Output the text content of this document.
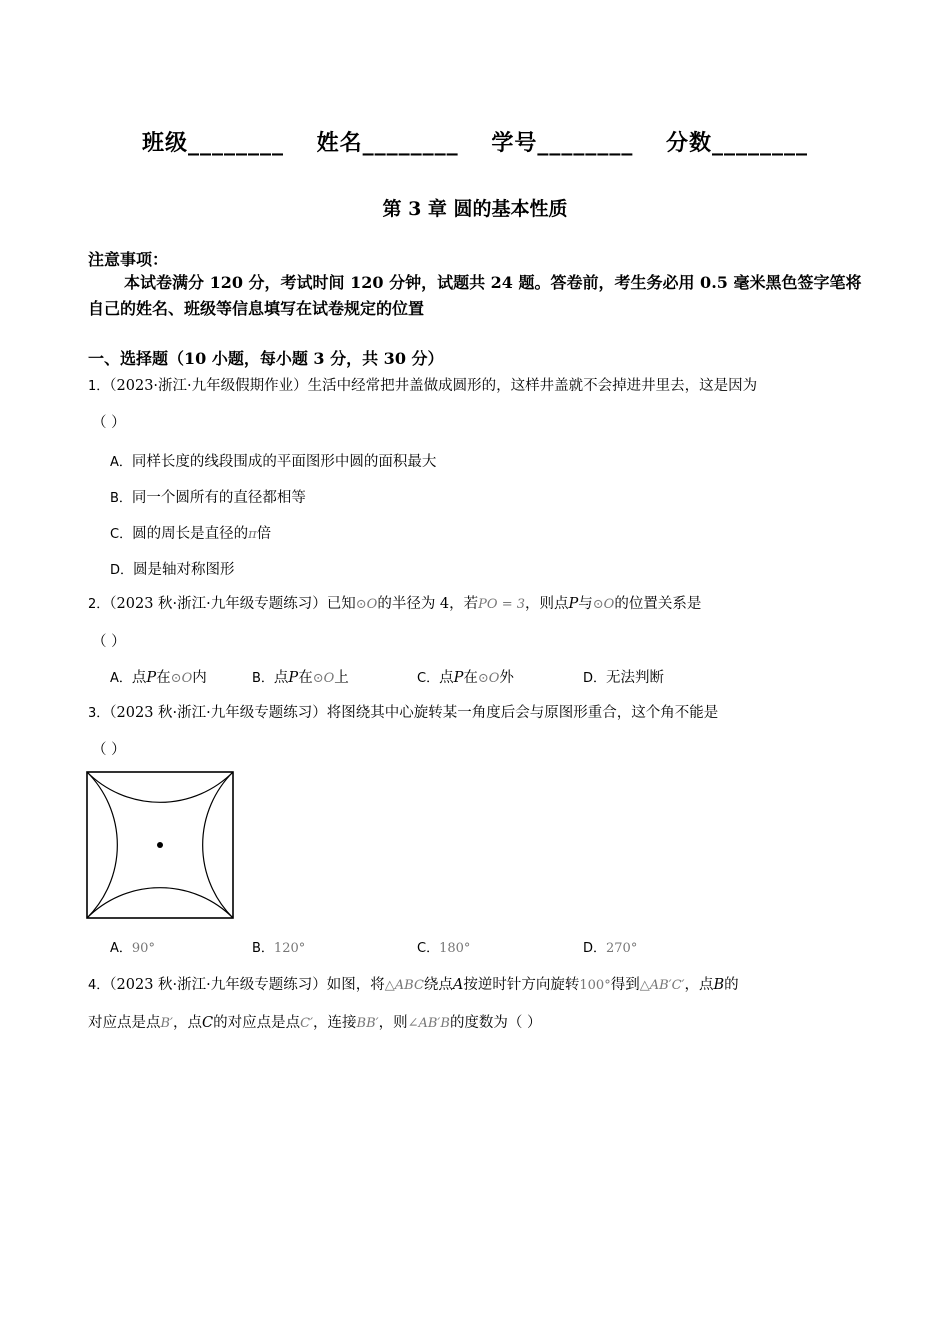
班级________ 姓名________ 学号________ 分数________
第 3 章 圆的基本性质
注意事项：
本试卷满分 120 分，考试时间 120 分钟，试题共 24 题。答卷前，考生务必用 0.5 毫米黑色签字笔将自己的姓名、班级等信息填写在试卷规定的位置
一、选择题（10 小题，每小题 3 分，共 30 分）
1．（2023·浙江·九年级假期作业）生活中经常把井盖做成圆形的，这样井盖就不会掉进井里去，这是因为
（ ）
A．同样长度的线段围成的平面图形中圆的面积最大
B．同一个圆所有的直径都相等
C．圆的周长是直径的π倍
D．圆是轴对称图形
2．（2023 秋·浙江·九年级专题练习）已知⊙O的半径为 4，若PO = 3，则点P与⊙O的位置关系是
（ ）
A．点P在⊙O内	B．点P在⊙O上	C．点P在⊙O外	D．无法判断
3．（2023 秋·浙江·九年级专题练习）将图绕其中心旋转某一角度后会与原图形重合，这个角不能是
（ ）
A．90°	B．120°	C．180°	D．270°
4．（2023 秋·浙江·九年级专题练习）如图，将△ABC绕点A按逆时针方向旋转100°得到△AB′C′，点B的
对应点是点B′，点C的对应点是点C′，连接BB′，则∠AB′B的度数为（ ）
